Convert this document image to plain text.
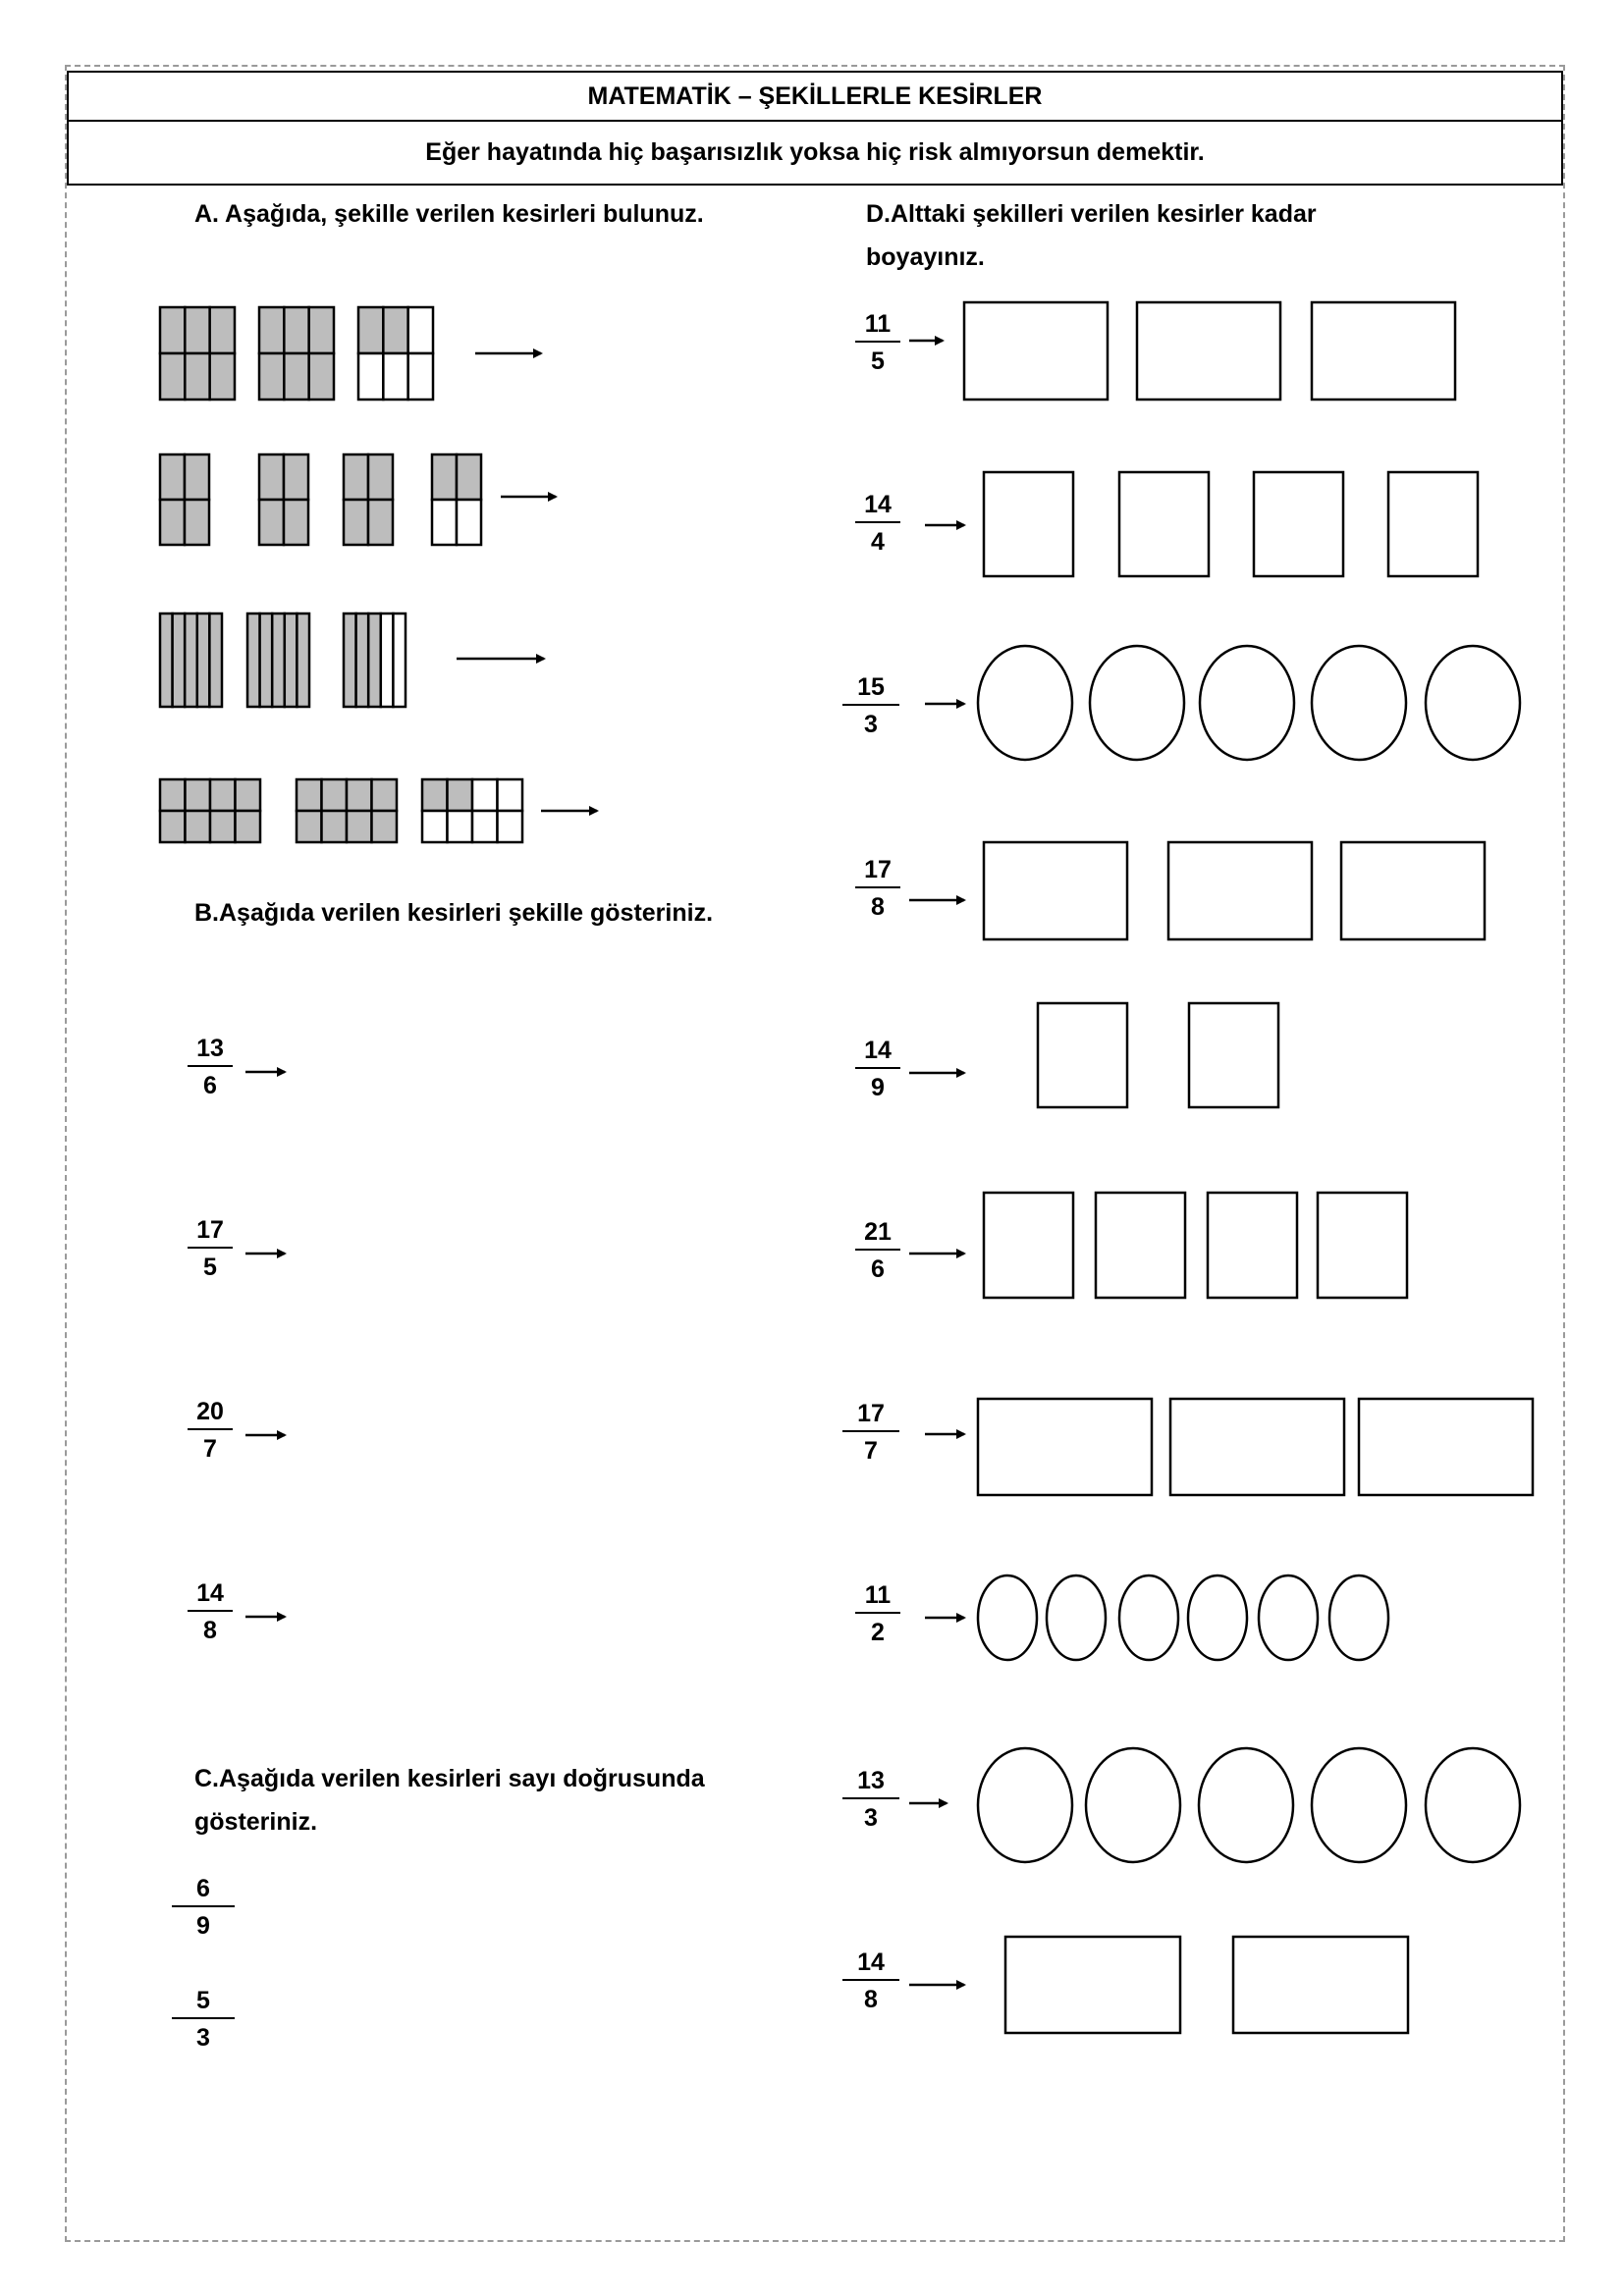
MATEMATİK – ŞEKİLLERLE KESİRLER
Eğer hayatında hiç başarısızlık yoksa hiç risk almıyorsun demektir.

A. Aşağıda, şekille verilen kesirleri bulunuz.

B.Aşağıda verilen kesirleri şekille gösteriniz.

13
6
17
5
20
7
14
8

C.Aşağıda verilen kesirleri sayı doğrusunda

gösteriniz.

6
9
5
3

D.Alttaki şekilleri verilen kesirler kadar

boyayınız.

11
5
14
4
15
3
17
8
14
9
21
6
17
7
11
2
13
3
14
8
